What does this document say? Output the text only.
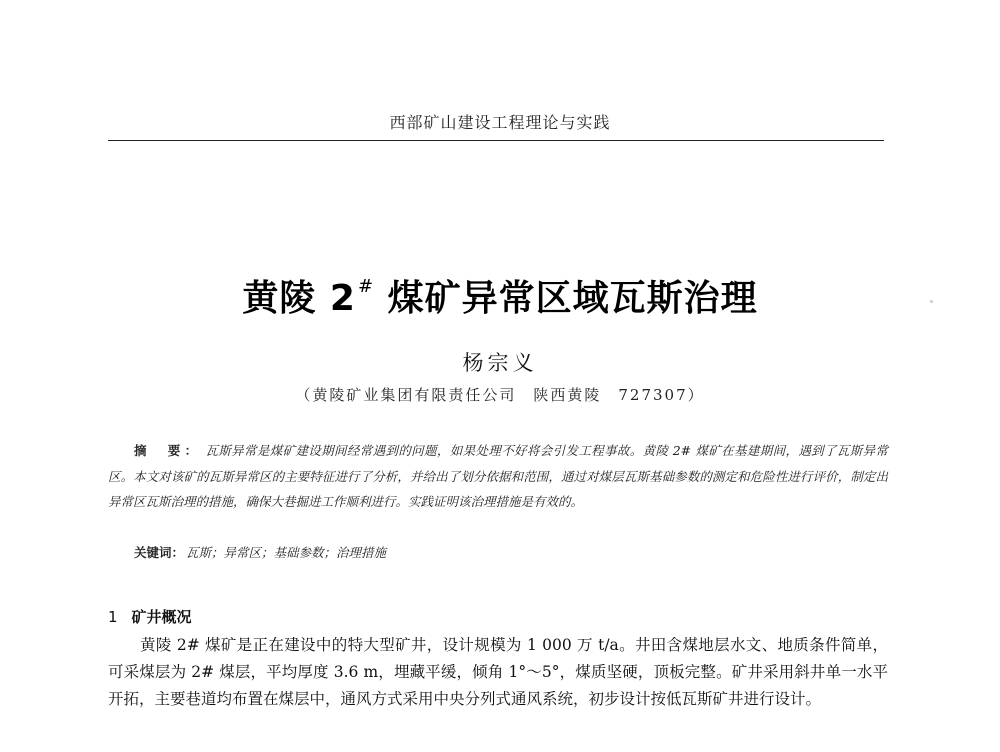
西部矿山建设工程理论与实践
黄陵 2 # 煤矿异常区域瓦斯治理
杨宗义
（黄陵矿业集团有限责任公司　陕西黄陵　727307）
摘　要： 瓦斯异常是煤矿建设期间经常遇到的问题，如果处理不好将会引发工程事故。黄陵 2# 煤矿在基建期间，遇到了瓦斯异常区。本文对该矿的瓦斯异常区的主要特征进行了分析，并给出了划分依据和范围，通过对煤层瓦斯基础参数的测定和危险性进行评价，制定出异常区瓦斯治理的措施，确保大巷掘进工作顺利进行。实践证明该治理措施是有效的。
关键词： 瓦斯；异常区；基础参数；治理措施
1 矿井概况
黄陵 2# 煤矿是正在建设中的特大型矿井，设计规模为 1 000 万 t/a。井田含煤地层水文、地质条件简单，可采煤层为 2# 煤层，平均厚度 3.6 m，埋藏平缓，倾角 1°～5°，煤质坚硬，顶板完整。矿井采用斜井单一水平开拓，主要巷道均布置在煤层中，通风方式采用中央分列式通风系统，初步设计按低瓦斯矿井进行设计。
